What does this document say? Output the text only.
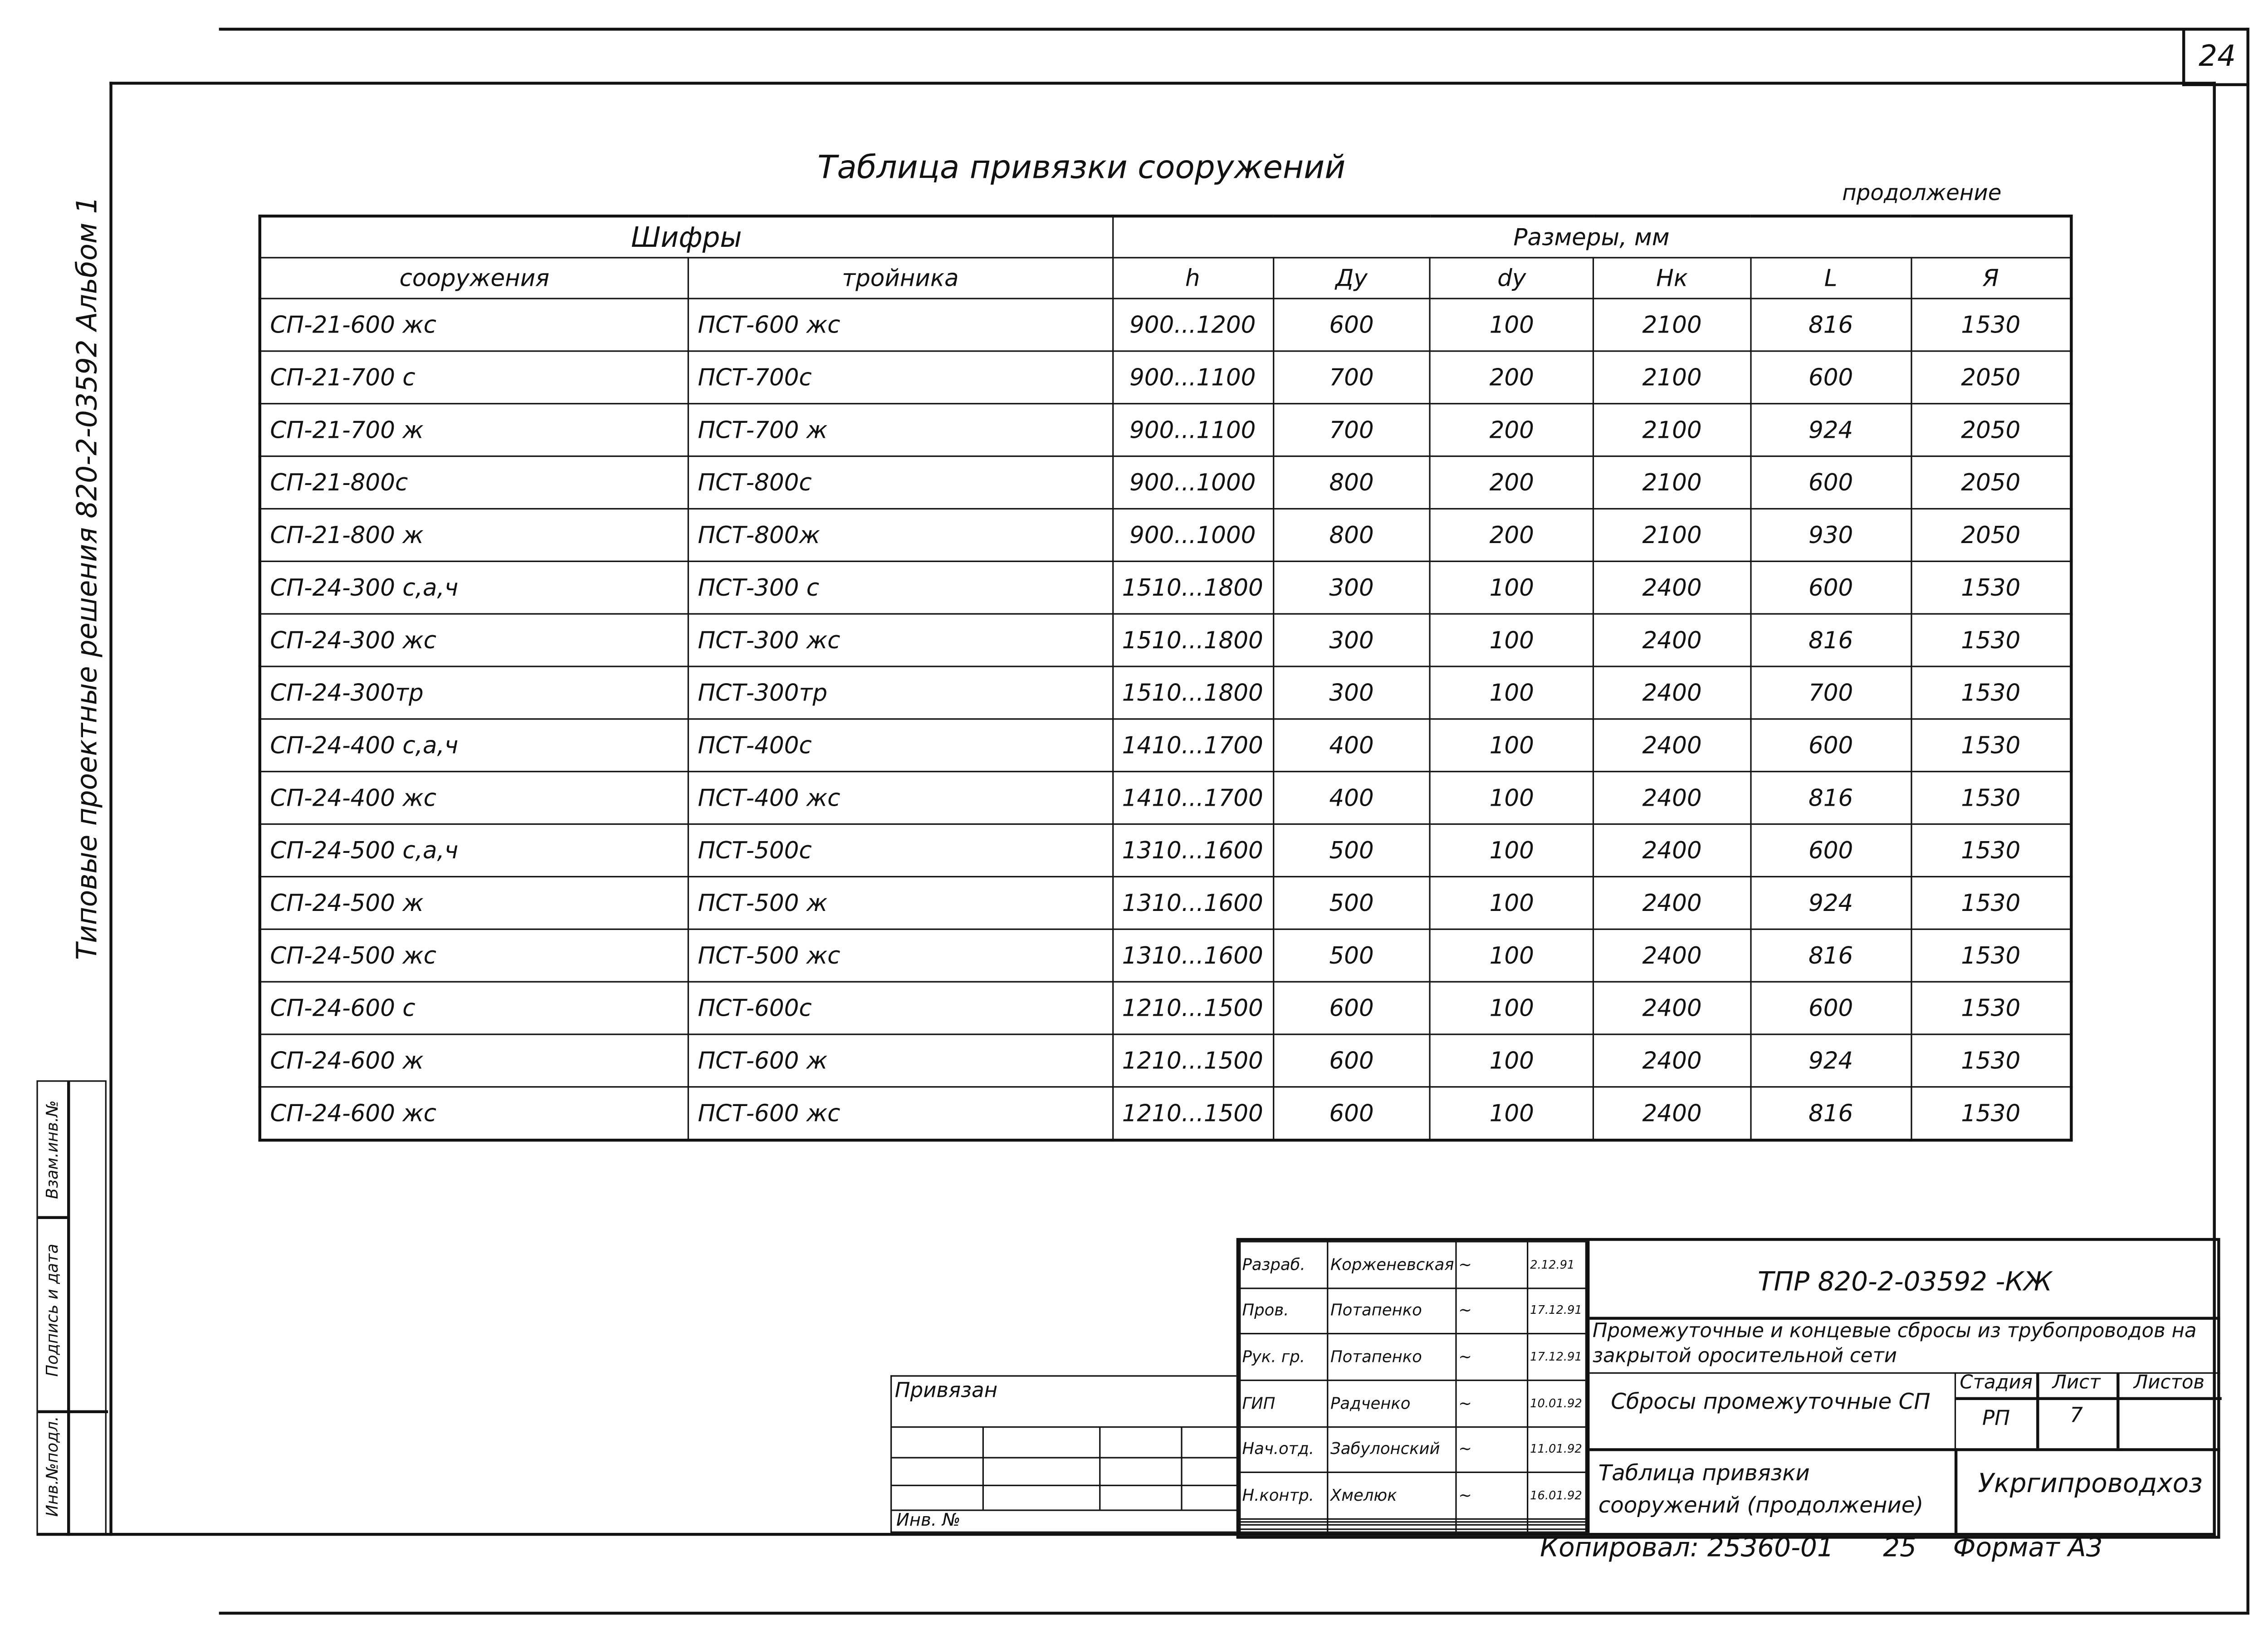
24
Типовые проектные решения 820-2-03592 Альбом 1
Инв.№подл.
Подпись и дата
Взам.инв.№
Таблица привязки сооружений
продолжение
Шифры		Размеры, мм					
сооружения	тройника	h	Ду	dy	Нк	L	Я
СП-21-600 жс	ПСТ-600 жс	900...1200	600	100	2100	816	1530
СП-21-700 с	ПСТ-700с	900...1100	700	200	2100	600	2050
СП-21-700 ж	ПСТ-700 ж	900...1100	700	200	2100	924	2050
СП-21-800с	ПСТ-800с	900...1000	800	200	2100	600	2050
СП-21-800 ж	ПСТ-800ж	900...1000	800	200	2100	930	2050
СП-24-300 с,а,ч	ПСТ-300 с	1510...1800	300	100	2400	600	1530
СП-24-300 жс	ПСТ-300 жс	1510...1800	300	100	2400	816	1530
СП-24-300тр	ПСТ-300тр	1510...1800	300	100	2400	700	1530
СП-24-400 с,а,ч	ПСТ-400с	1410...1700	400	100	2400	600	1530
СП-24-400 жс	ПСТ-400 жс	1410...1700	400	100	2400	816	1530
СП-24-500 с,а,ч	ПСТ-500с	1310...1600	500	100	2400	600	1530
СП-24-500 ж	ПСТ-500 ж	1310...1600	500	100	2400	924	1530
СП-24-500 жс	ПСТ-500 жс	1310...1600	500	100	2400	816	1530
СП-24-600 с	ПСТ-600с	1210...1500	600	100	2400	600	1530
СП-24-600 ж	ПСТ-600 ж	1210...1500	600	100	2400	924	1530
СП-24-600 жс	ПСТ-600 жс	1210...1500	600	100	2400	816	1530
Привязан
Инв. №
Разраб.	Корженевская	~	2.12.91
Пров.	Потапенко	~	17.12.91
Рук. гр.	Потапенко	~	17.12.91
ГИП	Радченко	~	10.01.92
Нач.отд.	Забулонский	~	11.01.92
Н.контр.	Хмелюк	~	16.01.92

ТПР 820-2-03592 -КЖ
Промежуточные и концевые сбросы из трубопроводов на закрытой оросительной сети
Сбросы промежуточные СП
Стадия	Лист	Листов
РП	7
Таблица привязки сооружений (продолжение)
Укргипроводхоз
Копировал: 25360-01	25	Формат А3
